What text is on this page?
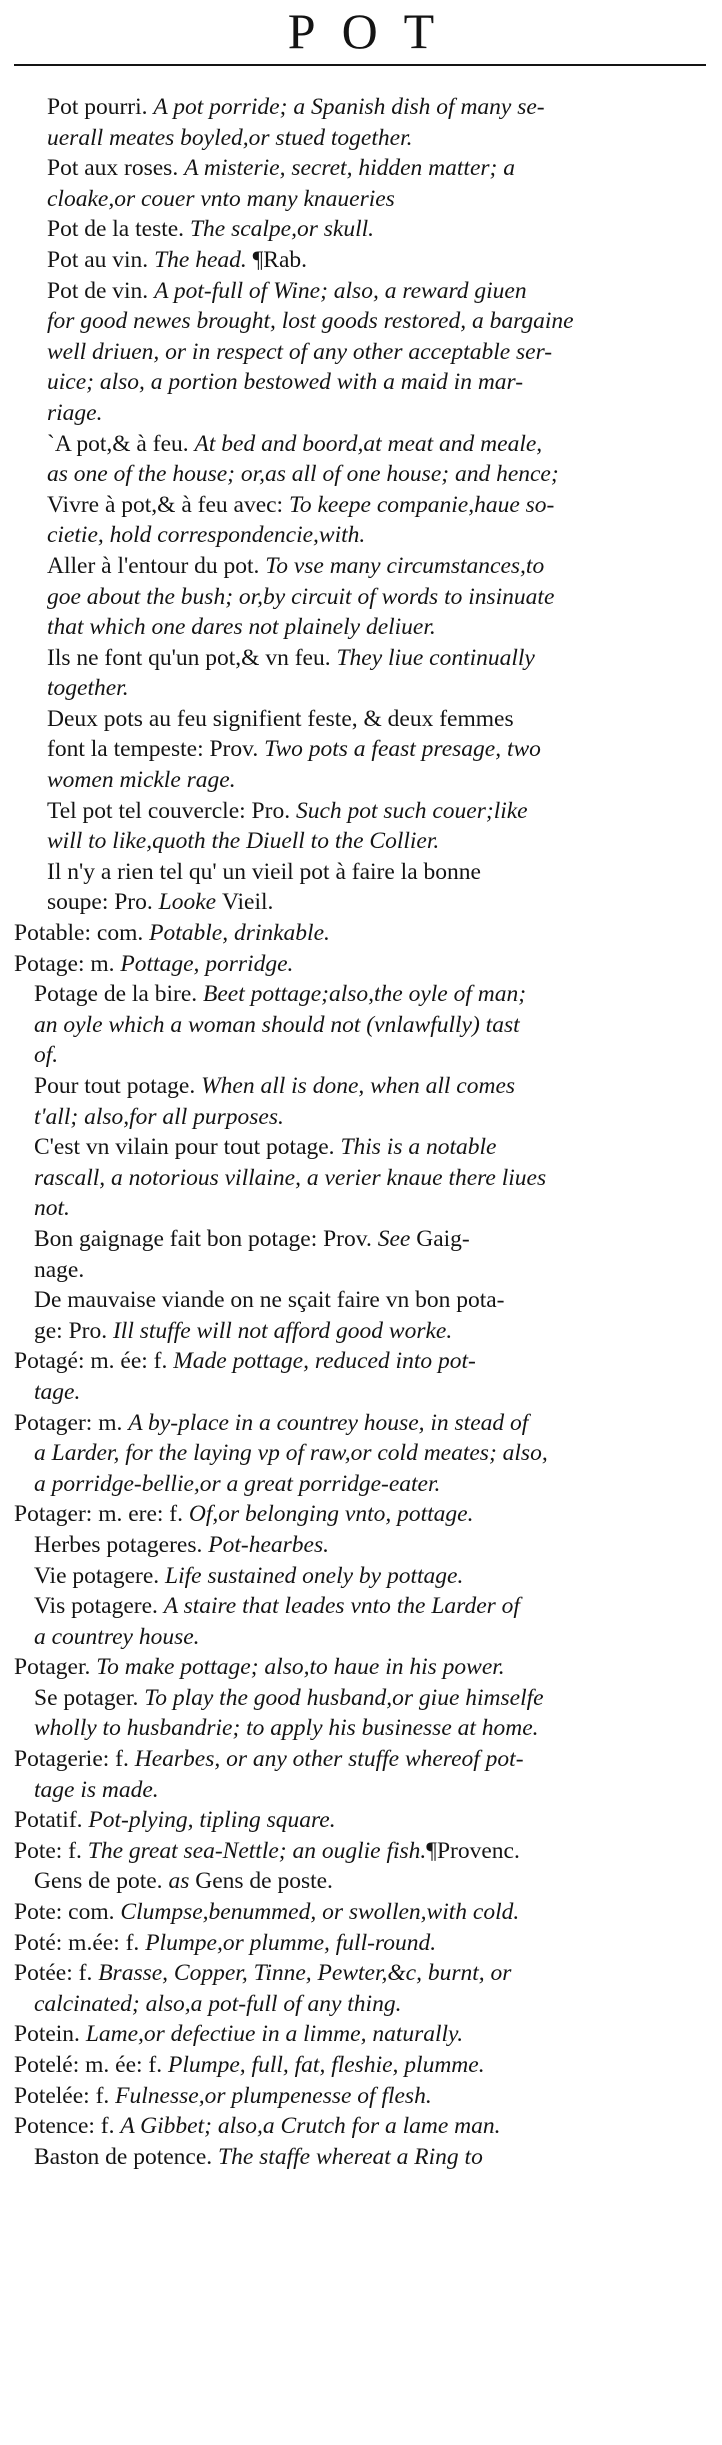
POT
Pot pourri. A pot porride; a Spanish dish of many se-
uerall meates boyled,or stued together.
Pot aux roses. A misterie, secret, hidden matter; a
cloake,or couer vnto many knaueries
Pot de la teste. The scalpe,or skull.
Pot au vin. The head. ¶Rab.
Pot de vin. A pot-full of Wine; also, a reward giuen
for good newes brought, lost goods restored, a bargaine
well driuen, or in respect of any other acceptable ser-
uice; also, a portion bestowed with a maid in mar-
riage.
`A pot,& à feu. At bed and boord,at meat and meale,
as one of the house; or,as all of one house; and hence;
Vivre à pot,& à feu avec: To keepe companie,haue so-
cietie, hold correspondencie,with.
Aller à l'entour du pot. To vse many circumstances,to
goe about the bush; or,by circuit of words to insinuate
that which one dares not plainely deliuer.
Ils ne font qu'un pot,& vn feu. They liue continually
together.
Deux pots au feu signifient feste, & deux femmes
font la tempeste: Prov. Two pots a feast presage, two
women mickle rage.
Tel pot tel couvercle: Pro. Such pot such couer;like
will to like,quoth the Diuell to the Collier.
Il n'y a rien tel qu' un vieil pot à faire la bonne
soupe: Pro. Looke Vieil.
Potable: com. Potable, drinkable.
Potage: m. Pottage, porridge.
Potage de la bire. Beet pottage;also,the oyle of man;
an oyle which a woman should not (vnlawfully) tast
of.
Pour tout potage. When all is done, when all comes
t'all; also,for all purposes.
C'est vn vilain pour tout potage. This is a notable
rascall, a notorious villaine, a verier knaue there liues
not.
Bon gaignage fait bon potage: Prov. See Gaig-
nage.
De mauvaise viande on ne sçait faire vn bon pota-
ge: Pro. Ill stuffe will not afford good worke.
Potagé: m. ée: f. Made pottage, reduced into pot-
tage.
Potager: m. A by-place in a countrey house, in stead of
a Larder, for the laying vp of raw,or cold meates; also,
a porridge-bellie,or a great porridge-eater.
Potager: m. ere: f. Of,or belonging vnto, pottage.
Herbes potageres. Pot-hearbes.
Vie potagere. Life sustained onely by pottage.
Vis potagere. A staire that leades vnto the Larder of
a countrey house.
Potager. To make pottage; also,to haue in his power.
Se potager. To play the good husband,or giue himselfe
wholly to husbandrie; to apply his businesse at home.
Potagerie: f. Hearbes, or any other stuffe whereof pot-
tage is made.
Potatif. Pot-plying, tipling square.
Pote: f. The great sea-Nettle; an ouglie fish.¶Provenc.
Gens de pote. as Gens de poste.
Pote: com. Clumpse,benummed, or swollen,with cold.
Poté: m.ée: f. Plumpe,or plumme, full-round.
Potée: f. Brasse, Copper, Tinne, Pewter,&c, burnt, or
calcinated; also,a pot-full of any thing.
Potein. Lame,or defectiue in a limme, naturally.
Potelé: m. ée: f. Plumpe, full, fat, fleshie, plumme.
Potelée: f. Fulnesse,or plumpenesse of flesh.
Potence: f. A Gibbet; also,a Crutch for a lame man.
Baston de potence. The staffe whereat a Ring to
